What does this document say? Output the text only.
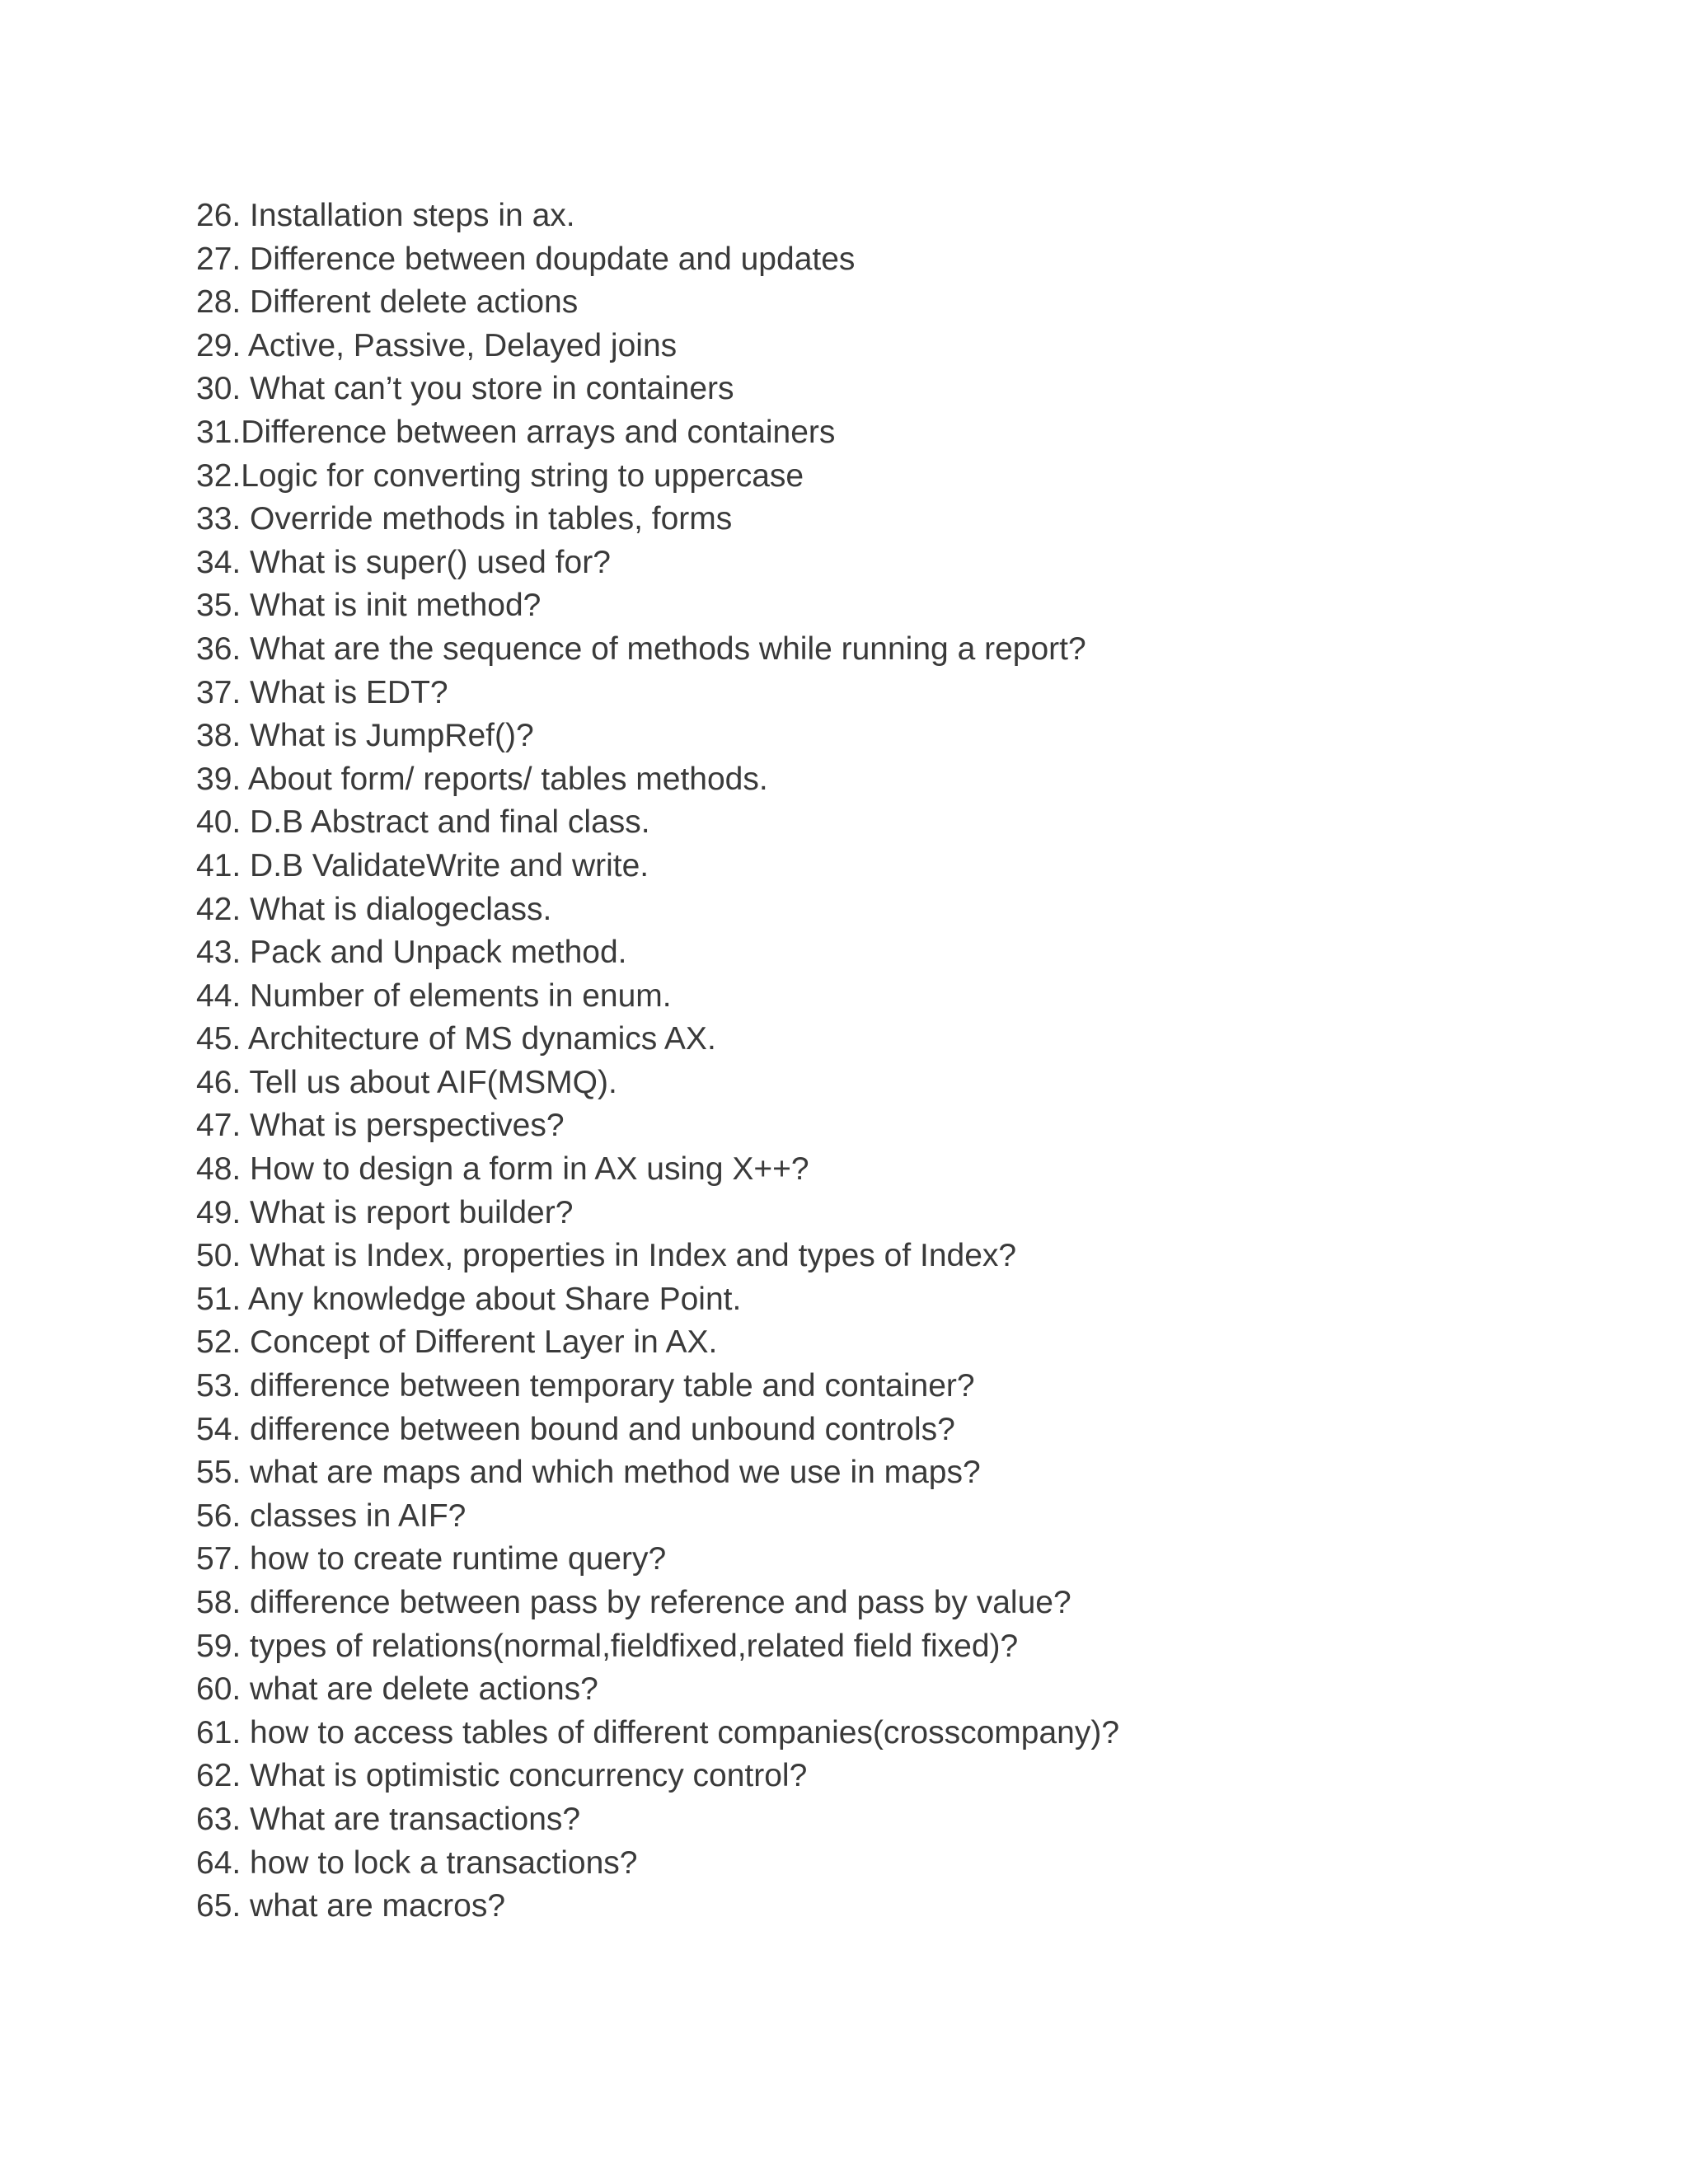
26. Installation steps in ax.
27. Difference between doupdate and updates
28. Different delete actions
29. Active, Passive, Delayed joins
30. What can’t you store in containers
31.Difference between arrays and containers
32.Logic for converting string to uppercase
33. Override methods in tables, forms
34. What is super() used for?
35. What is init method?
36. What are the sequence of methods while running a report?
37. What is EDT?
38. What is JumpRef()?
39. About form/ reports/ tables methods.
40. D.B Abstract and final class.
41. D.B ValidateWrite and write.
42. What is dialogeclass.
43. Pack and Unpack method.
44. Number of elements in enum.
45. Architecture of MS dynamics AX.
46. Tell us about AIF(MSMQ).
47. What is perspectives?
48. How to design a form in AX using X++?
49. What is report builder?
50. What is Index, properties in Index and types of Index?
51. Any knowledge about Share Point.
52. Concept of Different Layer in AX.
53. difference between temporary table and container?
54. difference between bound and unbound controls?
55. what are maps and which method we use in maps?
56. classes in AIF?
57. how to create runtime query?
58. difference between pass by reference and pass by value?
59. types of relations(normal,fieldfixed,related field fixed)?
60. what are delete actions?
61. how to access tables of different companies(crosscompany)?
62. What is optimistic concurrency control?
63. What are transactions?
64. how to lock a transactions?
65. what are macros?
